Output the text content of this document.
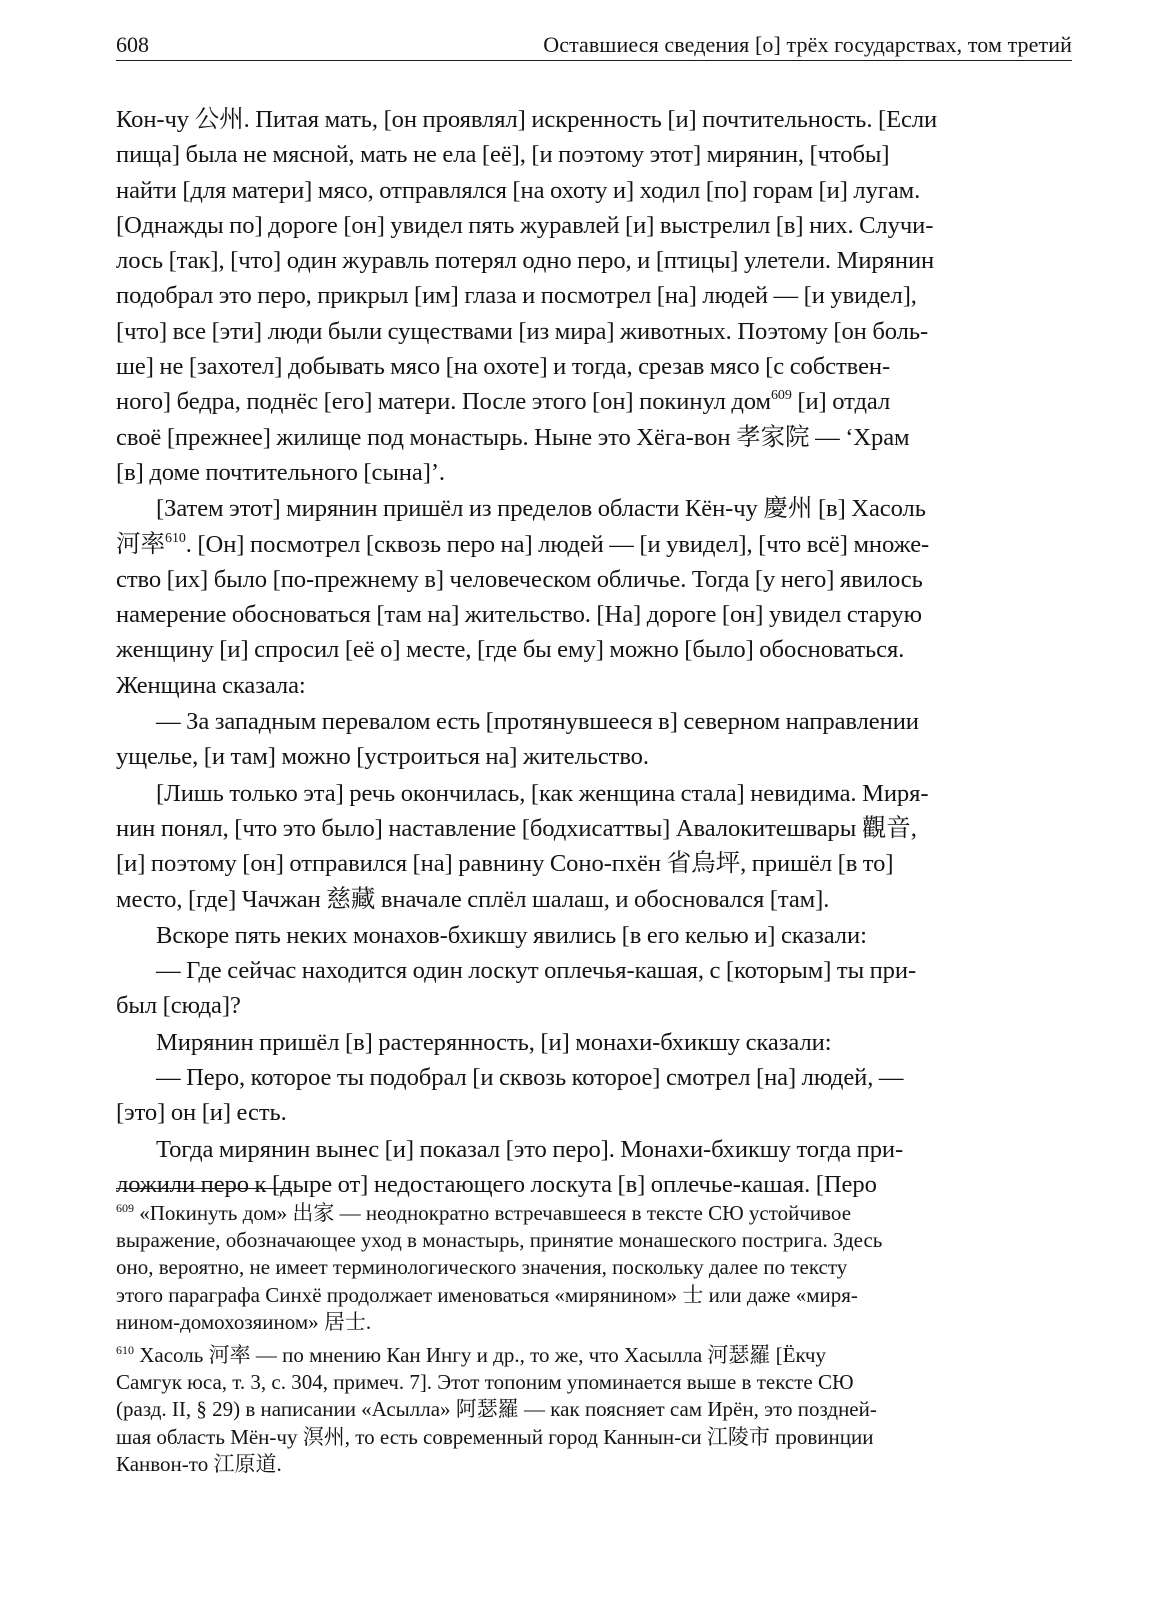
608	Оставшиеся сведения [о] трёх государствах, том третий

Кон-чу 公州. Питая мать, [он проявлял] искренность [и] почтительность. [Если
пища] была не мясной, мать не ела [её], [и поэтому этот] мирянин, [чтобы]
найти [для матери] мясо, отправлялся [на охоту и] ходил [по] горам [и] лугам.
[Однажды по] дороге [он] увидел пять журавлей [и] выстрелил [в] них. Случи-
лось [так], [что] один журавль потерял одно перо, и [птицы] улетели. Мирянин
подобрал это перо, прикрыл [им] глаза и посмотрел [на] людей — [и увидел],
[что] все [эти] люди были существами [из мира] животных. Поэтому [он боль-
ше] не [захотел] добывать мясо [на охоте] и тогда, срезав мясо [с собствен-
ного] бедра, поднёс [его] матери. После этого [он] покинул дом$^{609}$ [и] отдал
своё [прежнее] жилище под монастырь. Ныне это Хёга-вон 孝家院 — ‘Храм
[в] доме почтительного [сына]’.

[Затем этот] мирянин пришёл из пределов области Кён-чу 慶州 [в] Хасоль
河率$^{610}$. [Он] посмотрел [сквозь перо на] людей — [и увидел], [что всё] множе-
ство [их] было [по-прежнему в] человеческом обличье. Тогда [у него] явилось
намерение обосноваться [там на] жительство. [На] дороге [он] увидел старую
женщину [и] спросил [её о] месте, [где бы ему] можно [было] обосноваться.
Женщина сказала:

— За западным перевалом есть [протянувшееся в] северном направлении
ущелье, [и там] можно [устроиться на] жительство.

[Лишь только эта] речь окончилась, [как женщина стала] невидима. Миря-
нин понял, [что это было] наставление [бодхисаттвы] Авалокитешвары 觀音,
[и] поэтому [он] отправился [на] равнину Соно-пхён 省烏坪, пришёл [в то]
место, [где] Чачжан 慈藏 вначале сплёл шалаш, и обосновался [там].

Вскоре пять неких монахов-бхикшу явились [в его келью и] сказали:

— Где сейчас находится один лоскут оплечья-кашая, с [которым] ты при-
был [сюда]?

Мирянин пришёл [в] растерянность, [и] монахи-бхикшу сказали:

— Перо, которое ты подобрал [и сквозь которое] смотрел [на] людей, —
[это] он [и] есть.

Тогда мирянин вынес [и] показал [это перо]. Монахи-бхикшу тогда при-
ложили перо к [дыре от] недостающего лоскута [в] оплечье-кашая. [Перо

$^{609}$ «Покинуть дом» 出家 — неоднократно встречавшееся в тексте СЮ устойчивое
выражение, обозначающее уход в монастырь, принятие монашеского пострига. Здесь
оно, вероятно, не имеет терминологического значения, поскольку далее по тексту
этого параграфа Синхё продолжает именоваться «мирянином» 士 или даже «миря-
нином-домохозяином» 居士.

$^{610}$ Хасоль 河率 — по мнению Кан Ингу и др., то же, что Хасылла 河瑟羅 [Ёкчу
Самгук юса, т. 3, с. 304, примеч. 7]. Этот топоним упоминается выше в тексте СЮ
(разд. II, § 29) в написании «Асылла» 阿瑟羅 — как поясняет сам Ирён, это поздней-
шая область Мён-чу 溟州, то есть современный город Каннын-си 江陵市 провинции
Канвон-то 江原道.
